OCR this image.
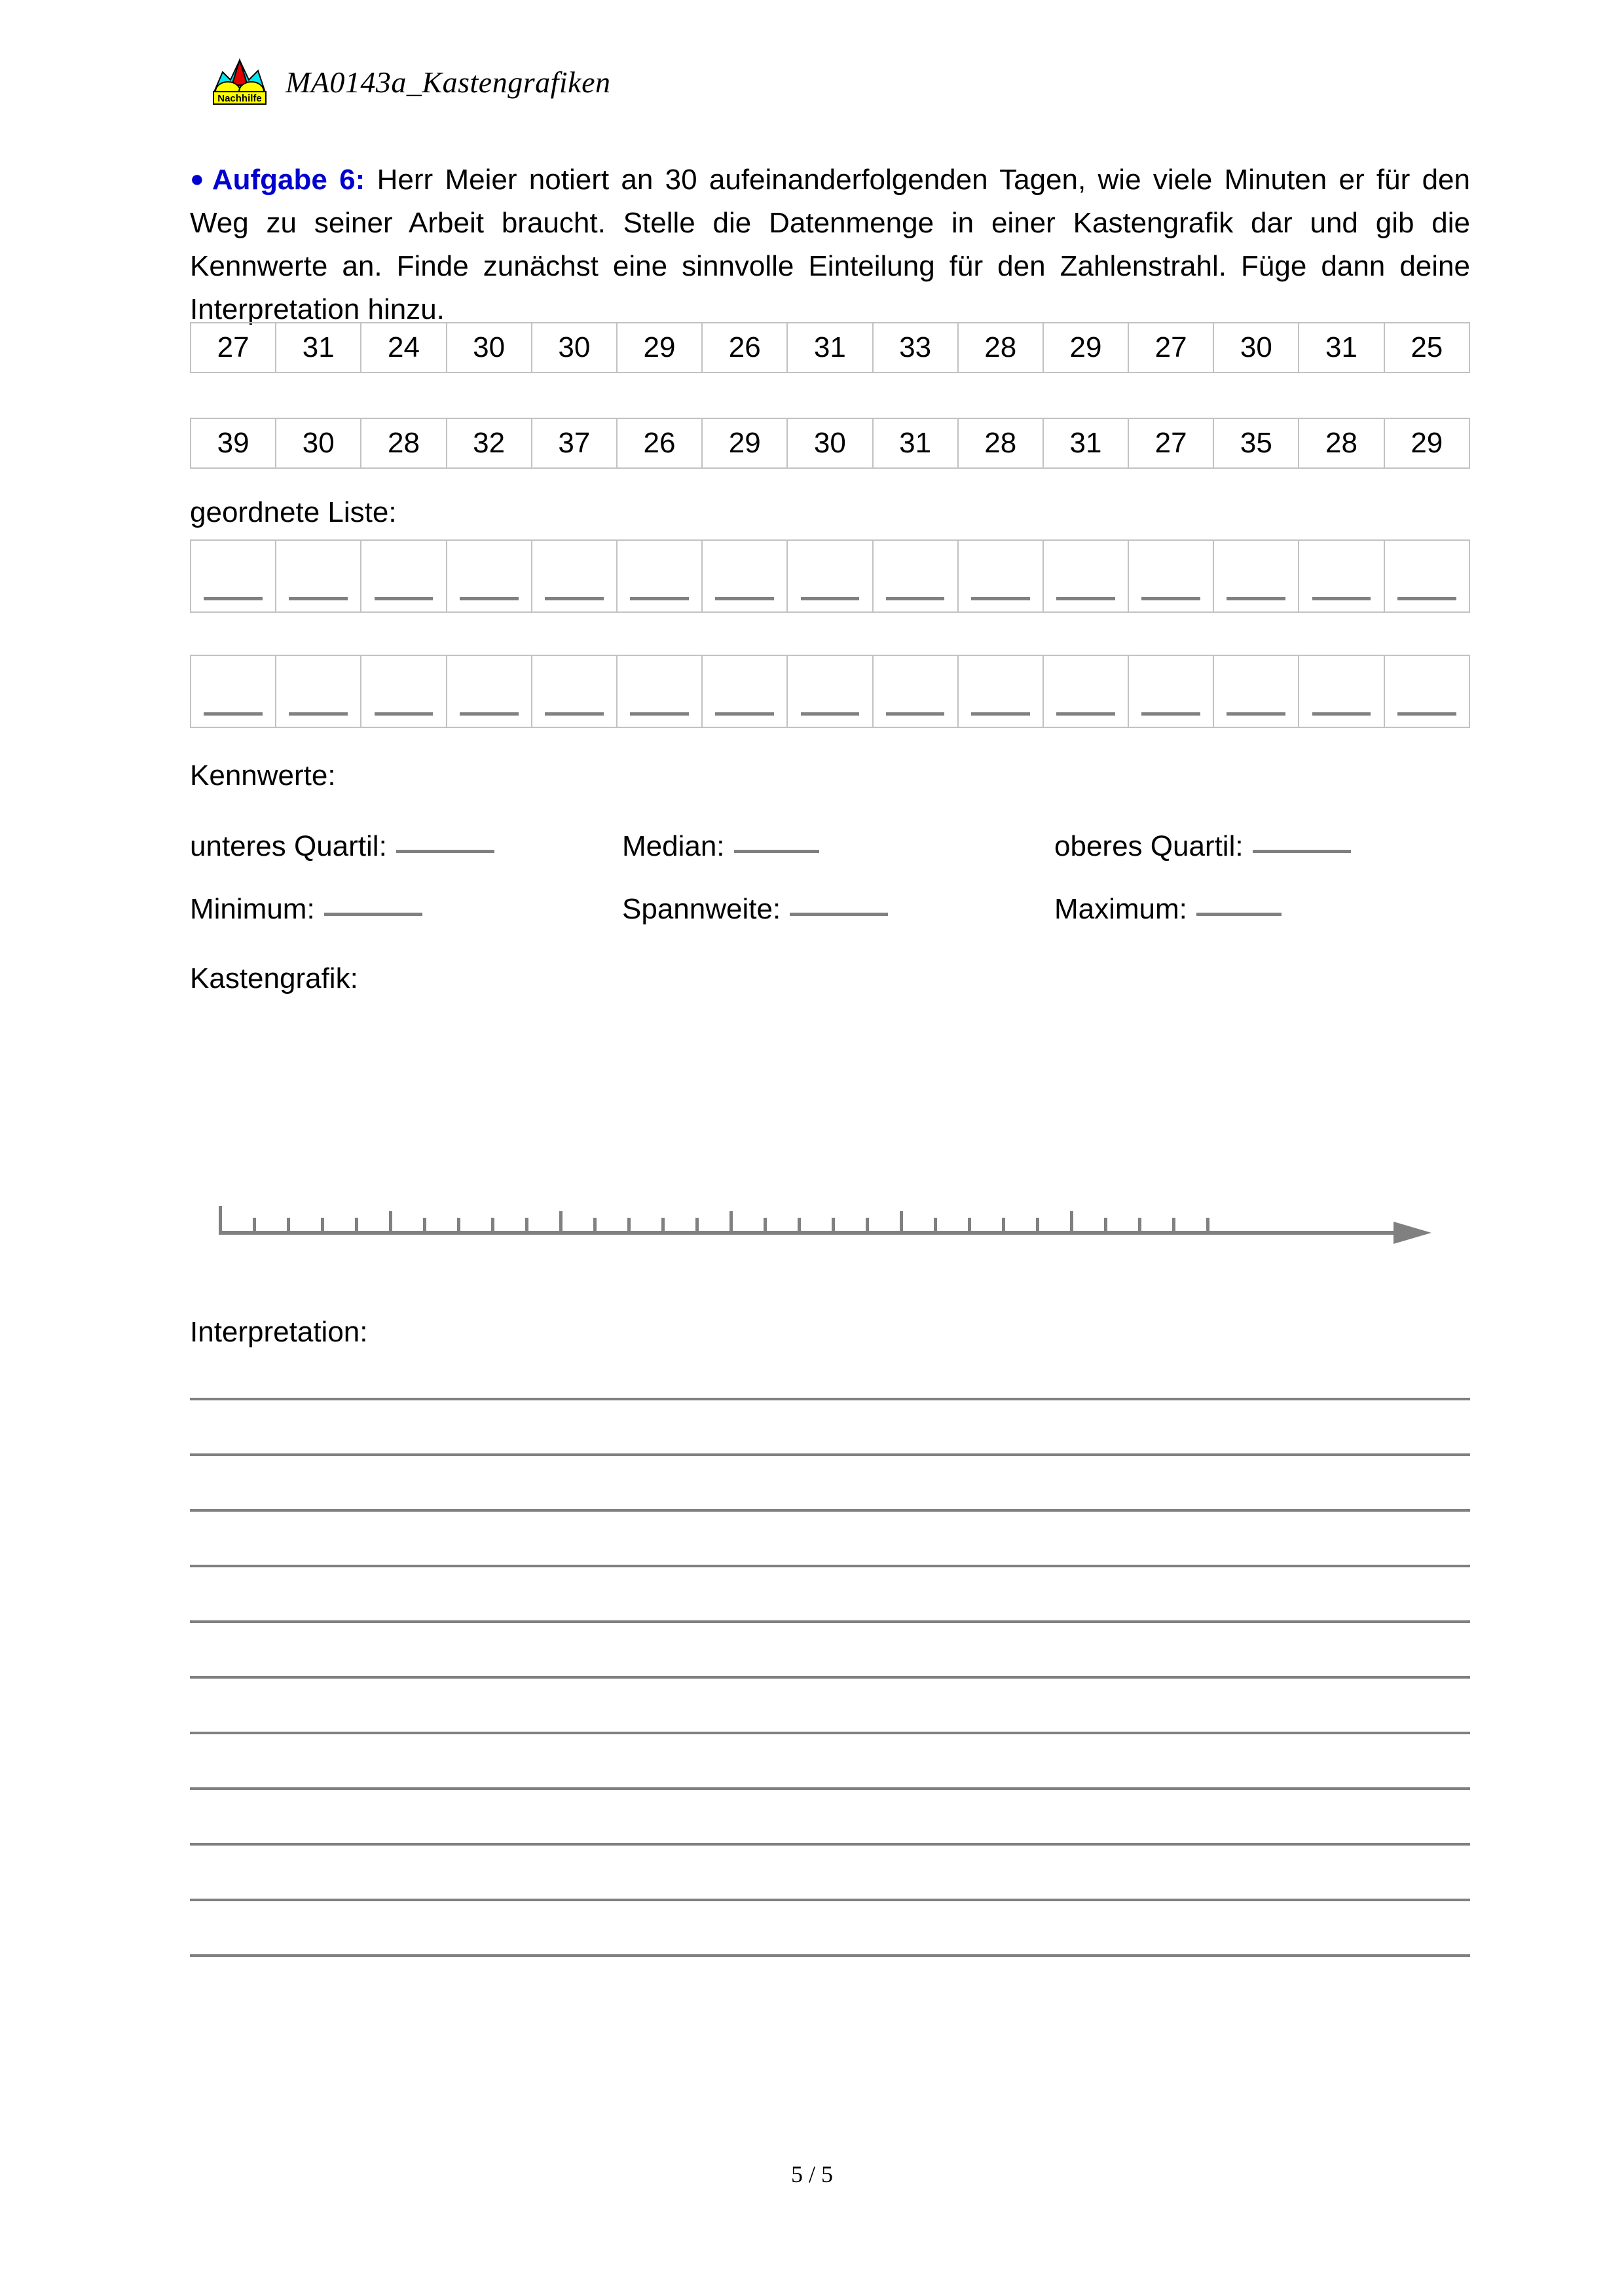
Nachhilfe MA0143a_Kastengrafiken
● Aufgabe 6: Herr Meier notiert an 30 aufeinanderfolgenden Tagen, wie viele Minuten er für den Weg zu seiner Arbeit braucht. Stelle die Datenmenge in einer Kastengrafik dar und gib die Kennwerte an. Finde zunächst eine sinnvolle Einteilung für den Zahlenstrahl. Füge dann deine Interpretation hinzu.
27	31	24	30	30	29	26	31	33	28	29	27	30	31	25
39	30	28	32	37	26	29	30	31	28	31	27	35	28	29
geordnete Liste:

Kennwerte:
unteres Quartil:	Median:	oberes Quartil:
Minimum:	Spannweite:	Maximum:
Kastengrafik:
Interpretation:
5 / 5
